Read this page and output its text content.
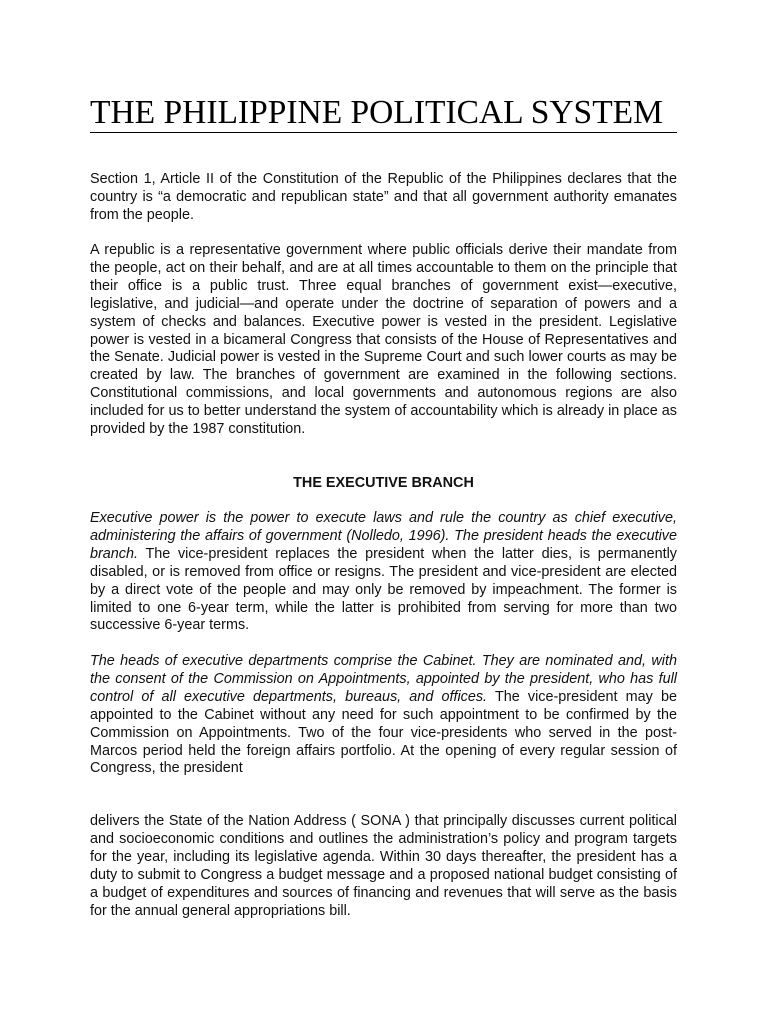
THE PHILIPPINE POLITICAL SYSTEM

Section 1, Article II of the Constitution of the Republic of the Philippines declares that the country is “a democratic and republican state” and that all government authority emanates from the people.

A republic is a representative government where public officials derive their mandate from the people, act on their behalf, and are at all times accountable to them on the principle that their office is a public trust. Three equal branches of government exist—executive, legislative, and judicial—and operate under the doctrine of separation of powers and a system of checks and balances. Executive power is vested in the president. Legislative power is vested in a bicameral Congress that consists of the House of Representatives and the Senate. Judicial power is vested in the Supreme Court and such lower courts as may be created by law. The branches of government are examined in the following sections. Constitutional commissions, and local governments and autonomous regions are also included for us to better understand the system of accountability which is already in place as provided by the 1987 constitution.

THE EXECUTIVE BRANCH

Executive power is the power to execute laws and rule the country as chief executive, administering the affairs of government (Nolledo, 1996). The president heads the executive branch. The vice-president replaces the president when the latter dies, is permanently disabled, or is removed from office or resigns. The president and vice-president are elected by a direct vote of the people and may only be removed by impeachment. The former is limited to one 6-year term, while the latter is prohibited from serving for more than two successive 6-year terms.

The heads of executive departments comprise the Cabinet. They are nominated and, with the consent of the Commission on Appointments, appointed by the president, who has full control of all executive departments, bureaus, and offices. The vice-president may be appointed to the Cabinet without any need for such appointment to be confirmed by the Commission on Appointments. Two of the four vice-presidents who served in the post-Marcos period held the foreign affairs portfolio. At the opening of every regular session of Congress, the president

delivers the State of the Nation Address ( SONA ) that principally discusses current political and socioeconomic conditions and outlines the administration’s policy and program targets for the year, including its legislative agenda. Within 30 days thereafter, the president has a duty to submit to Congress a budget message and a proposed national budget consisting of a budget of expenditures and sources of financing and revenues that will serve as the basis for the annual general appropriations bill.
